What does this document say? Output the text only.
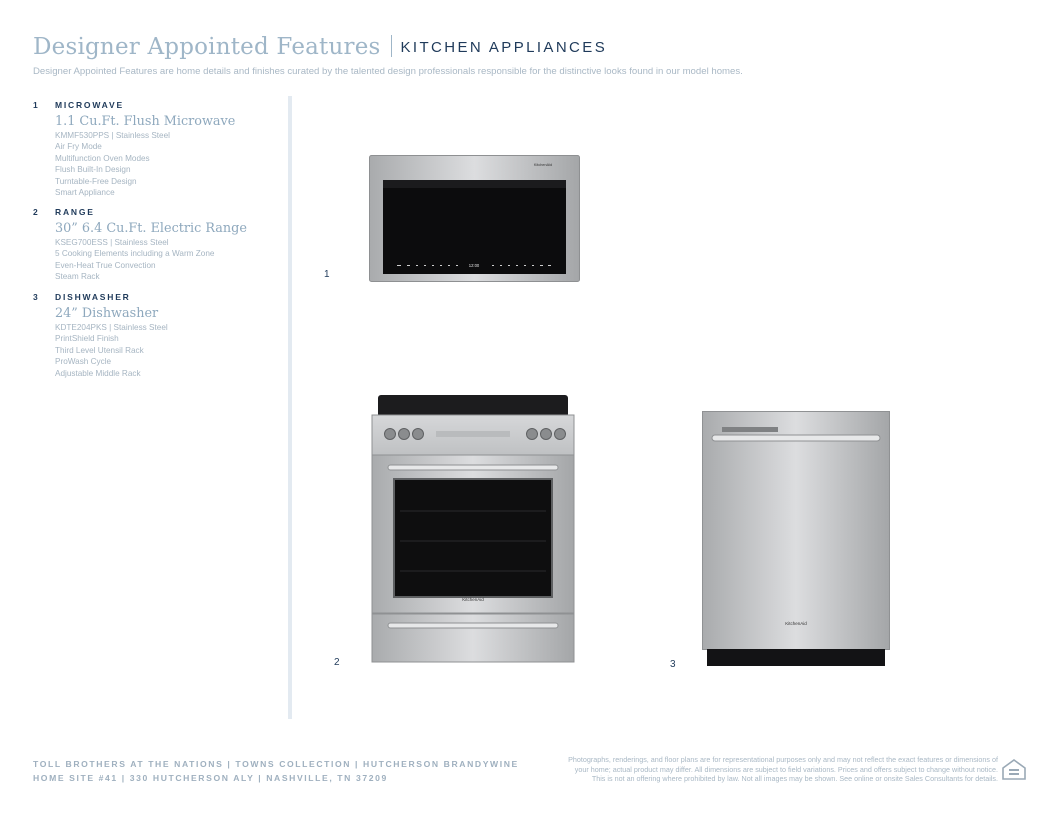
Designer Appointed Features KITCHEN APPLIANCES
Designer Appointed Features are home details and finishes curated by the talented design professionals responsible for the distinctive looks found in our model homes.
1 MICROWAVE
1.1 Cu.Ft. Flush Microwave
KMMF530PPS | Stainless Steel
Air Fry Mode
Multifunction Oven Modes
Flush Built-In Design
Turntable-Free Design
Smart Appliance
2 RANGE
30” 6.4 Cu.Ft. Electric Range
KSEG700ESS | Stainless Steel
5 Cooking Elements including a Warm Zone
Even-Heat True Convection
Steam Rack
3 DISHWASHER
24” Dishwasher
KDTE204PKS | Stainless Steel
PrintShield Finish
Third Level Utensil Rack
ProWash Cycle
Adjustable Middle Rack
KitchenAid
12:00
1
KitchenAid
2
KitchenAid
3
TOLL BROTHERS AT THE NATIONS | TOWNS COLLECTION | HUTCHERSON BRANDYWINE
HOME SITE #41 | 330 HUTCHERSON ALY | NASHVILLE, TN 37209
Photographs, renderings, and floor plans are for representational purposes only and may not reflect the exact features or dimensions of
your home; actual product may differ. All dimensions are subject to field variations. Prices and offers subject to change without notice.
This is not an offering where prohibited by law. Not all images may be shown. See online or onsite Sales Consultants for details.
